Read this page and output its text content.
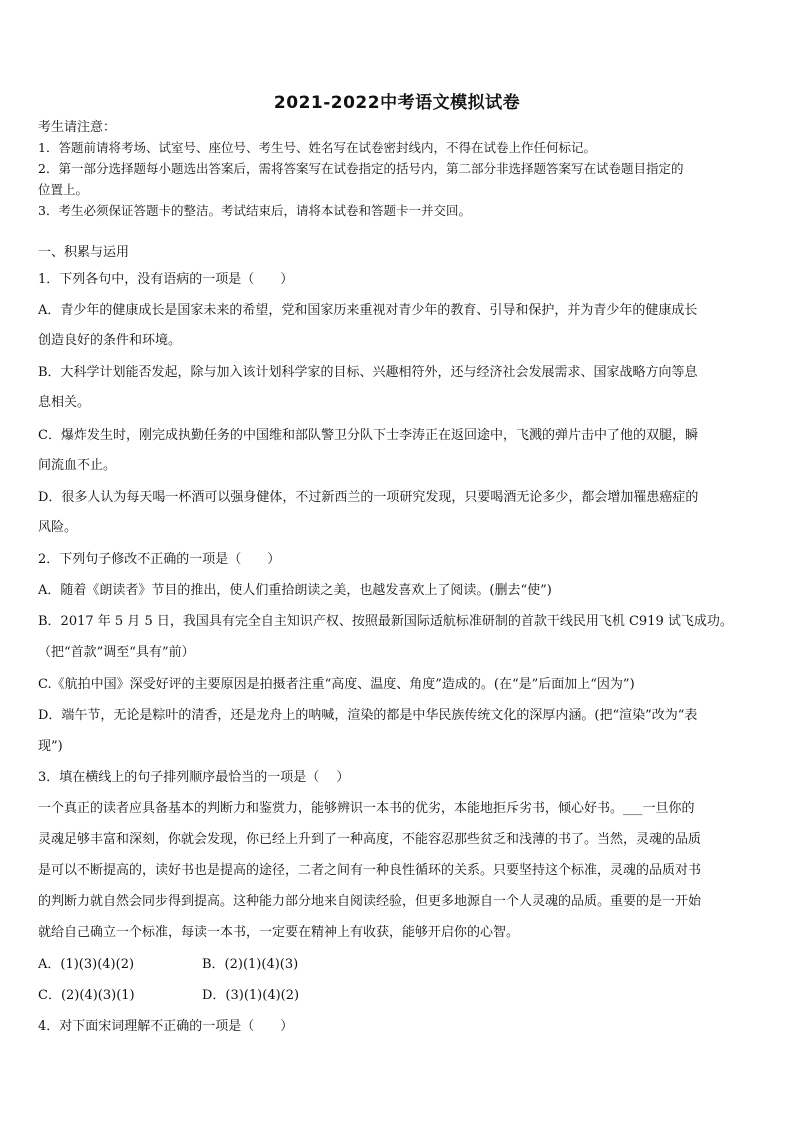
2021-2022中考语文模拟试卷
考生请注意：
1．答题前请将考场、试室号、座位号、考生号、姓名写在试卷密封线内，不得在试卷上作任何标记。
2．第一部分选择题每小题选出答案后，需将答案写在试卷指定的括号内，第二部分非选择题答案写在试卷题目指定的
位置上。
3．考生必须保证答题卡的整洁。考试结束后，请将本试卷和答题卡一并交回。
一、积累与运用
1．下列各句中，没有语病的一项是（　　）
A．青少年的健康成长是国家未来的希望，党和国家历来重视对青少年的教育、引导和保护，并为青少年的健康成长
创造良好的条件和环境。
B．大科学计划能否发起，除与加入该计划科学家的目标、兴趣相符外，还与经济社会发展需求、国家战略方向等息
息相关。
C．爆炸发生时，刚完成执勤任务的中国维和部队警卫分队下士李涛正在返回途中，飞溅的弹片击中了他的双腿，瞬
间流血不止。
D．很多人认为每天喝一杯酒可以强身健体，不过新西兰的一项研究发现，只要喝酒无论多少，都会增加罹患癌症的
风险。
2．下列句子修改不正确的一项是（　　）
A．随着《朗读者》节目的推出，使人们重拾朗读之美，也越发喜欢上了阅读。(删去“使”)
B．2017 年 5 月 5 日，我国具有完全自主知识产权、按照最新国际适航标准研制的首款干线民用飞机 C919 试飞成功。
（把“首款”调至“具有”前）
C.《航拍中国》深受好评的主要原因是拍摄者注重“高度、温度、角度”造成的。(在“是”后面加上“因为”)
D．端午节，无论是粽叶的清香，还是龙舟上的呐喊，渲染的都是中华民族传统文化的深厚内涵。(把“渲染”改为“表
现”)
3．填在横线上的句子排列顺序最恰当的一项是（　 ）
一个真正的读者应具备基本的判断力和鉴赏力，能够辨识一本书的优劣，本能地拒斥劣书，倾心好书。___一旦你的
灵魂足够丰富和深刻，你就会发现，你已经上升到了一种高度，不能容忍那些贫乏和浅薄的书了。当然，灵魂的品质
是可以不断提高的，读好书也是提高的途径，二者之间有一种良性循环的关系。只要坚持这个标准，灵魂的品质对书
的判断力就自然会同步得到提高。这种能力部分地来自阅读经验，但更多地源自一个人灵魂的品质。重要的是一开始
就给自己确立一个标准，每读一本书，一定要在精神上有收获，能够开启你的心智。
A．(1)(3)(4)(2)	B．(2)(1)(4)(3)
C．(2)(4)(3)(1)	D．(3)(1)(4)(2)
4．对下面宋词理解不正确的一项是（　　）
